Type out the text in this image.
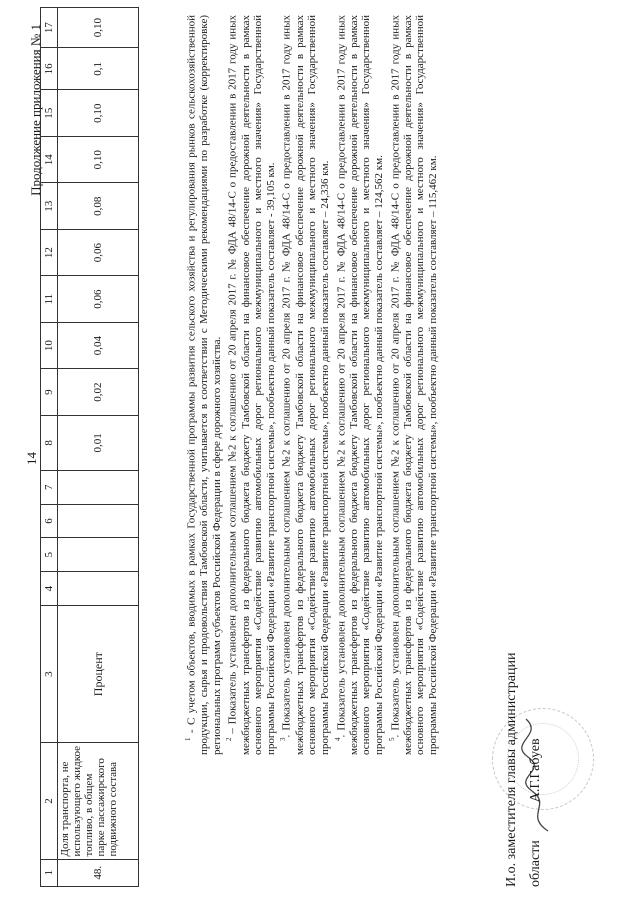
14
Продолжение приложения № 1
1	2	3	4	5	6	7	8	9	10	11	12	13	14	15	16	17
48.	Доля транспорта, не использующего жидкое топливо, в общем парке пассажирского подвижного состава	Процент					0,01	0,02	0,04	0,06	0,06	0,08	0,10	0,10	0,1	0,10

$^1$ - С учетом объектов, вводимых в рамках Государственной программы развития сельского хозяйства и регулирования рынков сельскохозяйственной продукции, сырья и продовольствия Тамбовской области, учитывается в соответствии с Методическими рекомендациями по разработке (корректировке) региональных программ субъектов Российской Федерации в сфере дорожного хозяйства. $^2$ – Показатель установлен дополнительным соглашением №2 к соглашению от 20 апреля 2017 г. № ФДА 48/14-С о предоставлении в 2017 году иных межбюджетных трансфертов из федерального бюджета бюджету Тамбовской области на финансовое обеспечение дорожной деятельности в рамках основного мероприятия «Содействие развитию автомобильных дорог регионального межмуниципального и местного значения» Государственной программы Российской Федерации «Развитие транспортной системы», пообъектно данный показатель составляет - 39,105 км. $^3$. Показатель установлен дополнительным соглашением №2 к соглашению от 20 апреля 2017 г. № ФДА 48/14-С о предоставлении в 2017 году иных межбюджетных трансфертов из федерального бюджета бюджету Тамбовской области на финансовое обеспечение дорожной деятельности в рамках основного мероприятия «Содействие развитию автомобильных дорог регионального межмуниципального и местного значения» Государственной программы Российской Федерации «Развитие транспортной системы», пообъектно данный показатель составляет – 24,336 км. $^4$. Показатель установлен дополнительным соглашением №2 к соглашению от 20 апреля 2017 г. № ФДА 48/14-С о предоставлении в 2017 году иных межбюджетных трансфертов из федерального бюджета бюджету Тамбовской области на финансовое обеспечение дорожной деятельности в рамках основного мероприятия «Содействие развитию автомобильных дорог регионального межмуниципального и местного значения» Государственной программы Российской Федерации «Развитие транспортной системы», пообъектно данный показатель составляет – 124,562 км. $^5$. Показатель установлен дополнительным соглашением №2 к соглашению от 20 апреля 2017 г. № ФДА 48/14-С о предоставлении в 2017 году иных межбюджетных трансфертов из федерального бюджета бюджету Тамбовской области на финансовое обеспечение дорожной деятельности в рамках основного мероприятия «Содействие развитию автомобильных дорог регионального межмуниципального и местного значения» Государственной программы Российской Федерации «Развитие транспортной системы», пообъектно данный показатель составляет – 115,462 км.

И.о. заместителя главы администрации области
А.Г.Габуев
